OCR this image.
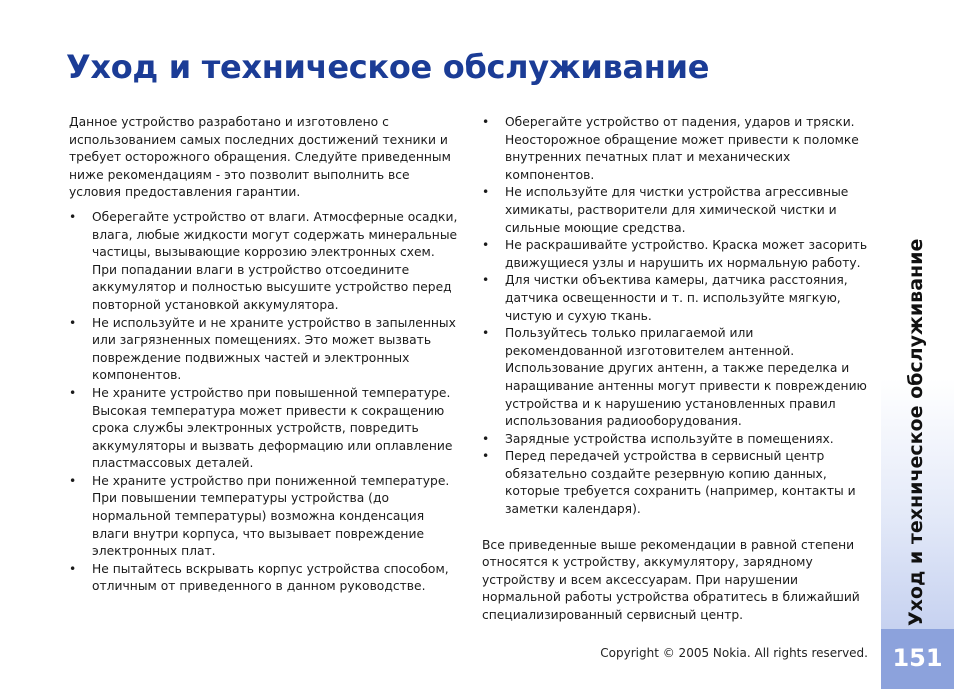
Уход и техническое обслуживание

Данное устройство разработано и изготовлено с использованием самых последних достижений техники и требует осторожного обращения. Следуйте приведенным ниже рекомендациям - это позволит выполнить все условия предоставления гарантии.

• Оберегайте устройство от влаги. Атмосферные осадки, влага, любые жидкости могут содержать минеральные частицы, вызывающие коррозию электронных схем. При попадании влаги в устройство отсоедините аккумулятор и полностью высушите устройство перед повторной установкой аккумулятора.
• Не используйте и не храните устройство в запыленных или загрязненных помещениях. Это может вызвать повреждение подвижных частей и электронных компонентов.
• Не храните устройство при повышенной температуре. Высокая температура может привести к сокращению срока службы электронных устройств, повредить аккумуляторы и вызвать деформацию или оплавление пластмассовых деталей.
• Не храните устройство при пониженной температуре. При повышении температуры устройства (до нормальной температуры) возможна конденсация влаги внутри корпуса, что вызывает повреждение электронных плат.
• Не пытайтесь вскрывать корпус устройства способом, отличным от приведенного в данном руководстве.
• Оберегайте устройство от падения, ударов и тряски. Неосторожное обращение может привести к поломке внутренних печатных плат и механических компонентов.
• Не используйте для чистки устройства агрессивные химикаты, растворители для химической чистки и сильные моющие средства.
• Не раскрашивайте устройство. Краска может засорить движущиеся узлы и нарушить их нормальную работу.
• Для чистки объектива камеры, датчика расстояния, датчика освещенности и т. п. используйте мягкую, чистую и сухую ткань.
• Пользуйтесь только прилагаемой или рекомендованной изготовителем антенной. Использование других антенн, а также переделка и наращивание антенны могут привести к повреждению устройства и к нарушению установленных правил использования радиооборудования.
• Зарядные устройства используйте в помещениях.
• Перед передачей устройства в сервисный центр обязательно создайте резервную копию данных, которые требуется сохранить (например, контакты и заметки календаря).

Все приведенные выше рекомендации в равной степени относятся к устройству, аккумулятору, зарядному устройству и всем аксессуарам. При нарушении нормальной работы устройства обратитесь в ближайший специализированный сервисный центр.	Уход и техническое обслуживание
151
Copyright © 2005 Nokia. All rights reserved.
